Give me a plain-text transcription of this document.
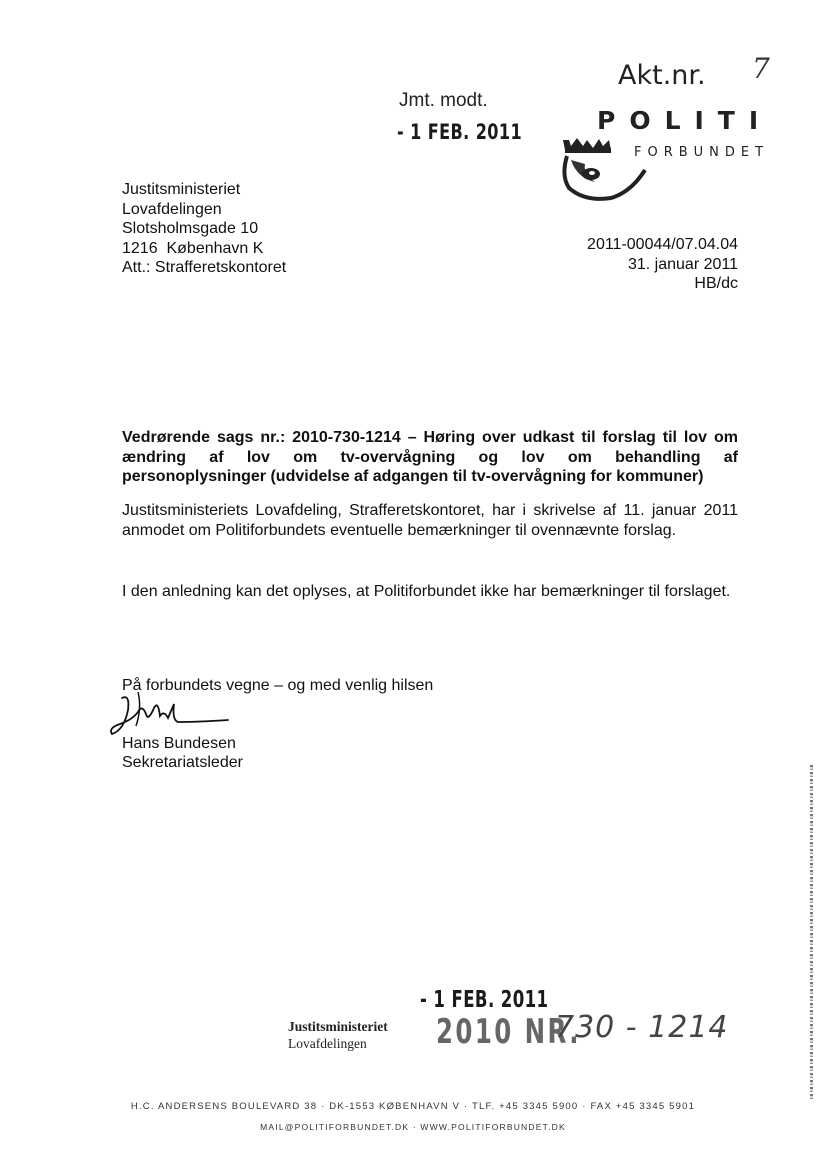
Akt.nr. 7
Jmt. modt.
- 1 FEB. 2011	POLITI
FORBUNDET
Justitsministeriet
Lovafdelingen
Slotsholmsgade 10
1216  København K
Att.: Strafferetskontoret
2011-00044/07.04.04
31. januar 2011
HB/dc
Vedrørende sags nr.: 2010-730-1214 – Høring over udkast til forslag til lov om
ændring af lov om tv-overvågning og lov om behandling af
personoplysninger (udvidelse af adgangen til tv-overvågning for kommuner)
Justitsministeriets Lovafdeling, Strafferetskontoret, har i skrivelse af 11. januar 2011 anmodet om Politiforbundets eventuelle bemærkninger til ovennævnte forslag.
I den anledning kan det oplyses, at Politiforbundet ikke har bemærkninger til forslaget.
På forbundets vegne – og med venlig hilsen
Hans Bundesen
Sekretariatsleder
- 1 FEB. 2011
Justitsministeriet
Lovafdelingen	2010 NR.
730 - 1214
H.C. ANDERSENS BOULEVARD 38 · DK-1553 KØBENHAVN V · TLF. +45 3345 5900 · FAX +45 3345 5901
MAIL@POLITIFORBUNDET.DK · WWW.POLITIFORBUNDET.DK
